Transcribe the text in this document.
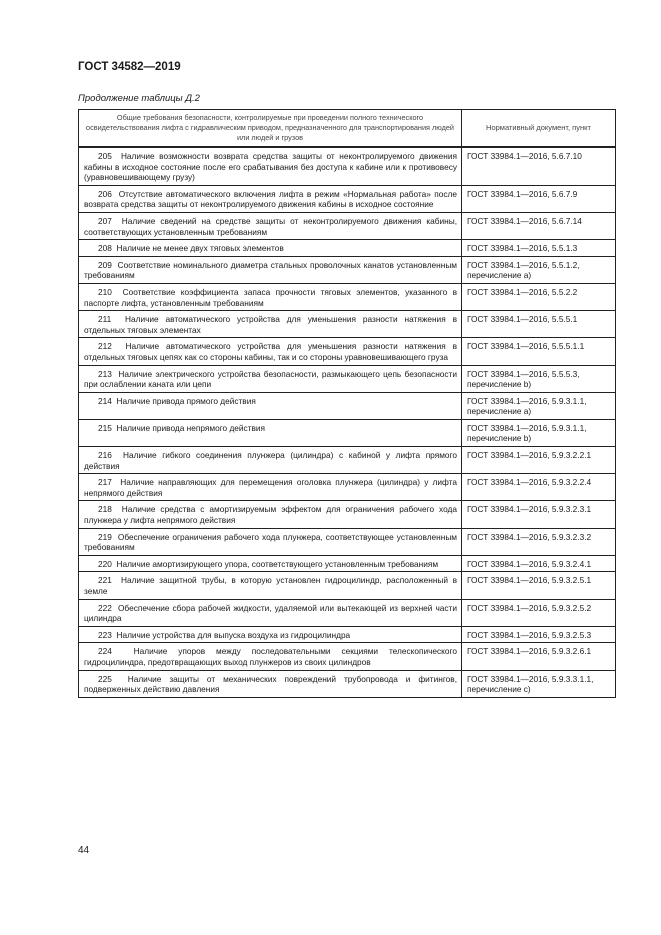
ГОСТ 34582—2019
Продолжение таблицы Д.2
Общие требования безопасности, контролируемые при проведении полного технического освидетельствования лифта с гидравлическим приводом, предназначенного для транспортирования людей или людей и грузов	Нормативный документ, пункт
205 Наличие возможности возврата средства защиты от неконтролируемого движения кабины в исходное состояние после его срабатывания без доступа к кабине или к противовесу (уравновешивающему грузу)	ГОСТ 33984.1—2016, 5.6.7.10
206 Отсутствие автоматического включения лифта в режим «Нормальная работа» после возврата средства защиты от неконтролируемого движения кабины в исходное состояние	ГОСТ 33984.1—2016, 5.6.7.9
207 Наличие сведений на средстве защиты от неконтролируемого движения кабины, соответствующих установленным требованиям	ГОСТ 33984.1—2016, 5.6.7.14
208 Наличие не менее двух тяговых элементов	ГОСТ 33984.1—2016, 5.5.1.3
209 Соответствие номинального диаметра стальных проволочных канатов установленным требованиям	ГОСТ 33984.1—2016, 5.5.1.2, перечисление а)
210 Соответствие коэффициента запаса прочности тяговых элементов, указанного в паспорте лифта, установленным требованиям	ГОСТ 33984.1—2016, 5.5.2.2
211 Наличие автоматического устройства для уменьшения разности натяжения в отдельных тяговых элементах	ГОСТ 33984.1—2016, 5.5.5.1
212 Наличие автоматического устройства для уменьшения разности натяжения в отдельных тяговых цепях как со стороны кабины, так и со стороны уравновешивающего груза	ГОСТ 33984.1—2016, 5.5.5.1.1
213 Наличие электрического устройства безопасности, размыкающего цепь безопасности при ослаблении каната или цепи	ГОСТ 33984.1—2016, 5.5.5.3, перечисление b)
214 Наличие привода прямого действия	ГОСТ 33984.1—2016, 5.9.3.1.1, перечисление а)
215 Наличие привода непрямого действия	ГОСТ 33984.1—2016, 5.9.3.1.1, перечисление b)
216 Наличие гибкого соединения плунжера (цилиндра) с кабиной у лифта прямого действия	ГОСТ 33984.1—2016, 5.9.3.2.2.1
217 Наличие направляющих для перемещения оголовка плунжера (цилиндра) у лифта непрямого действия	ГОСТ 33984.1—2016, 5.9.3.2.2.4
218 Наличие средства с амортизируемым эффектом для ограничения рабочего хода плунжера у лифта непрямого действия	ГОСТ 33984.1—2016, 5.9.3.2.3.1
219 Обеспечение ограничения рабочего хода плунжера, соответствующее установленным требованиям	ГОСТ 33984.1—2016, 5.9.3.2.3.2
220 Наличие амортизирующего упора, соответствующего установленным требованиям	ГОСТ 33984.1—2016, 5.9.3.2.4.1
221 Наличие защитной трубы, в которую установлен гидроцилиндр, расположенный в земле	ГОСТ 33984.1—2016, 5.9.3.2.5.1
222 Обеспечение сбора рабочей жидкости, удаляемой или вытекающей из верхней части цилиндра	ГОСТ 33984.1—2016, 5.9.3.2.5.2
223 Наличие устройства для выпуска воздуха из гидроцилиндра	ГОСТ 33984.1—2016, 5.9.3.2.5.3
224 Наличие упоров между последовательными секциями телескопического гидроцилиндра, предотвращающих выход плунжеров из своих цилиндров	ГОСТ 33984.1—2016, 5.9.3.2.6.1
225 Наличие защиты от механических повреждений трубопровода и фитингов, подверженных действию давления	ГОСТ 33984.1—2016, 5.9.3.3.1.1, перечисление с)
44
